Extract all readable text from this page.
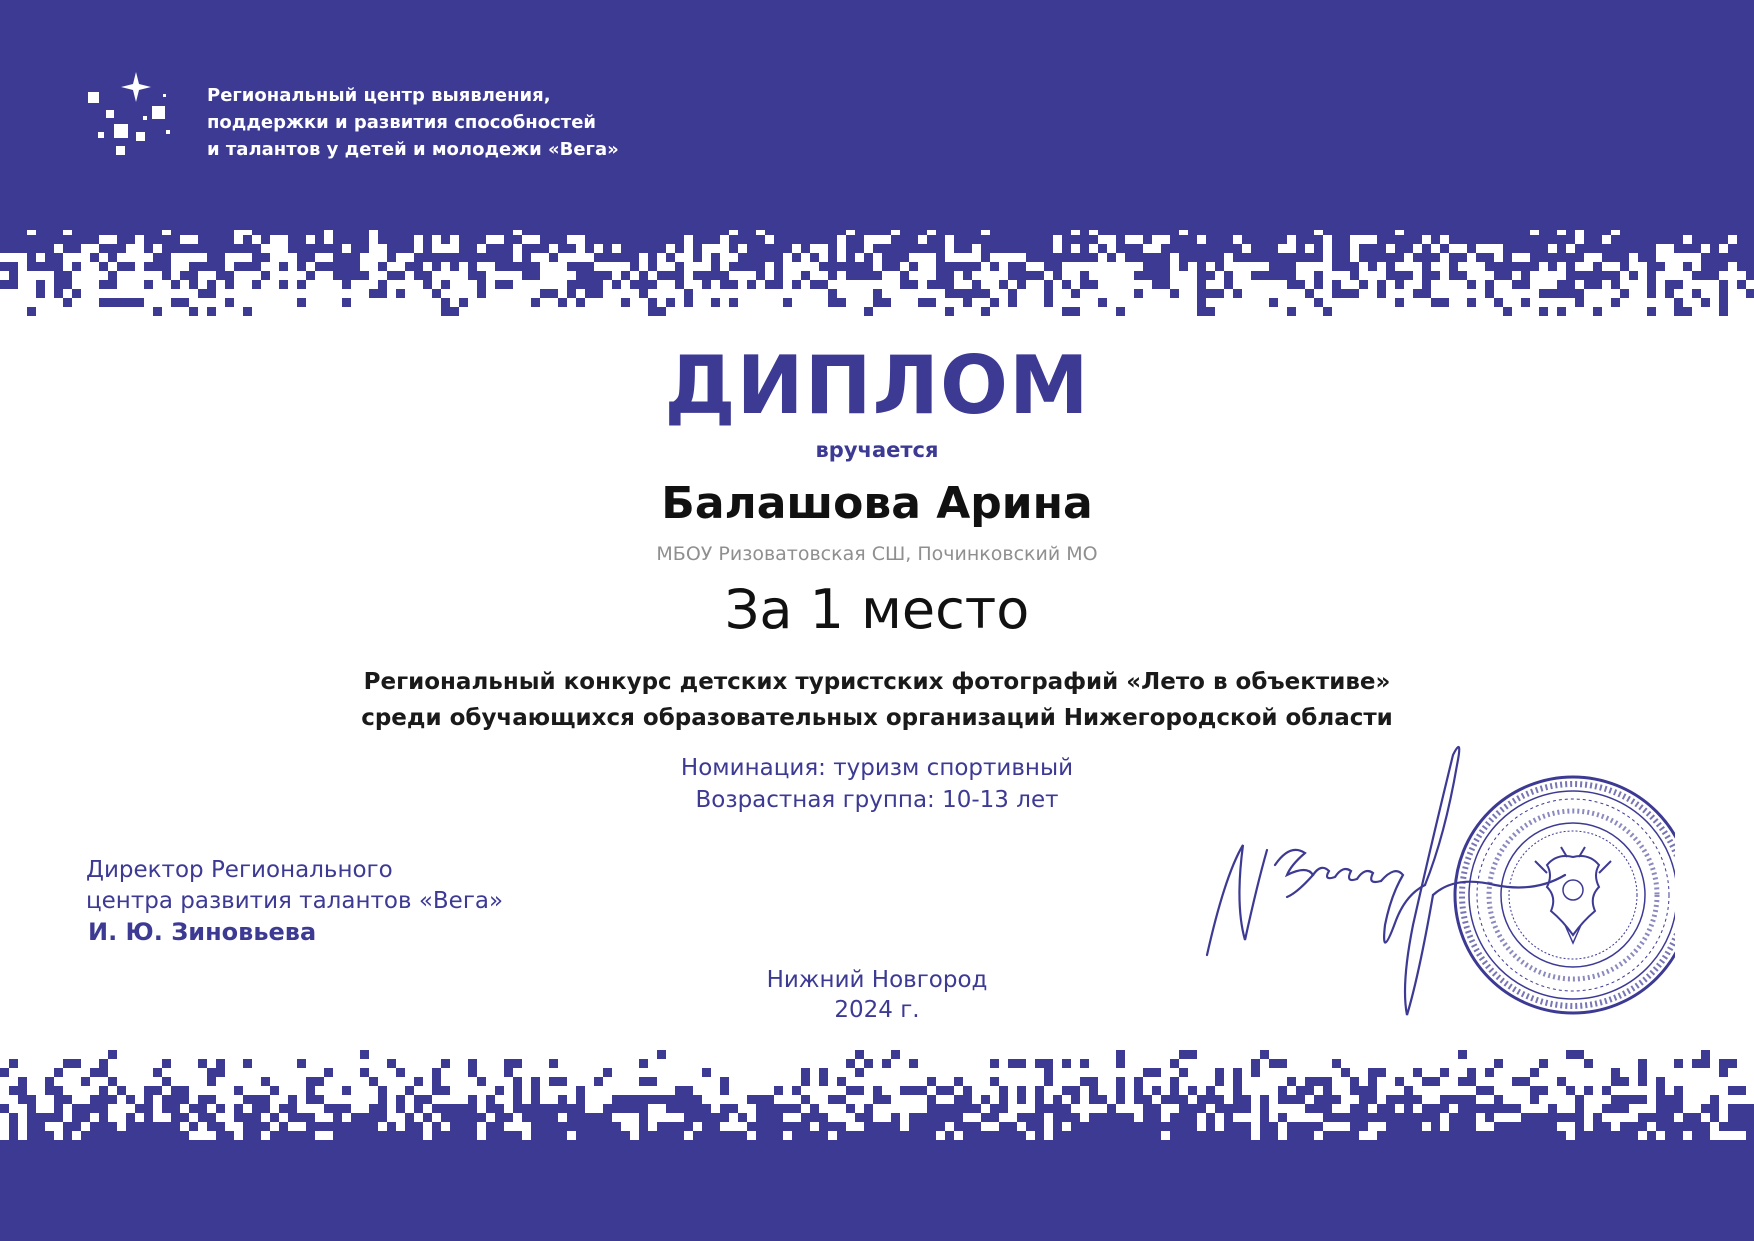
Региональный центр выявления,
поддержки и развития способностей
и талантов у детей и молодежи «Вега»
ДИПЛОМ
вручается
Балашова Арина
МБОУ Ризоватовская СШ, Починковский МО
За 1 место
Региональный конкурс детских туристских фотографий «Лето в объективе»
среди обучающихся образовательных организаций Нижегородской области
Номинация: туризм спортивный
Возрастная группа: 10-13 лет
Директор Регионального
центра развития талантов «Вега»
И. Ю. Зиновьева
Нижний Новгород
2024 г.
